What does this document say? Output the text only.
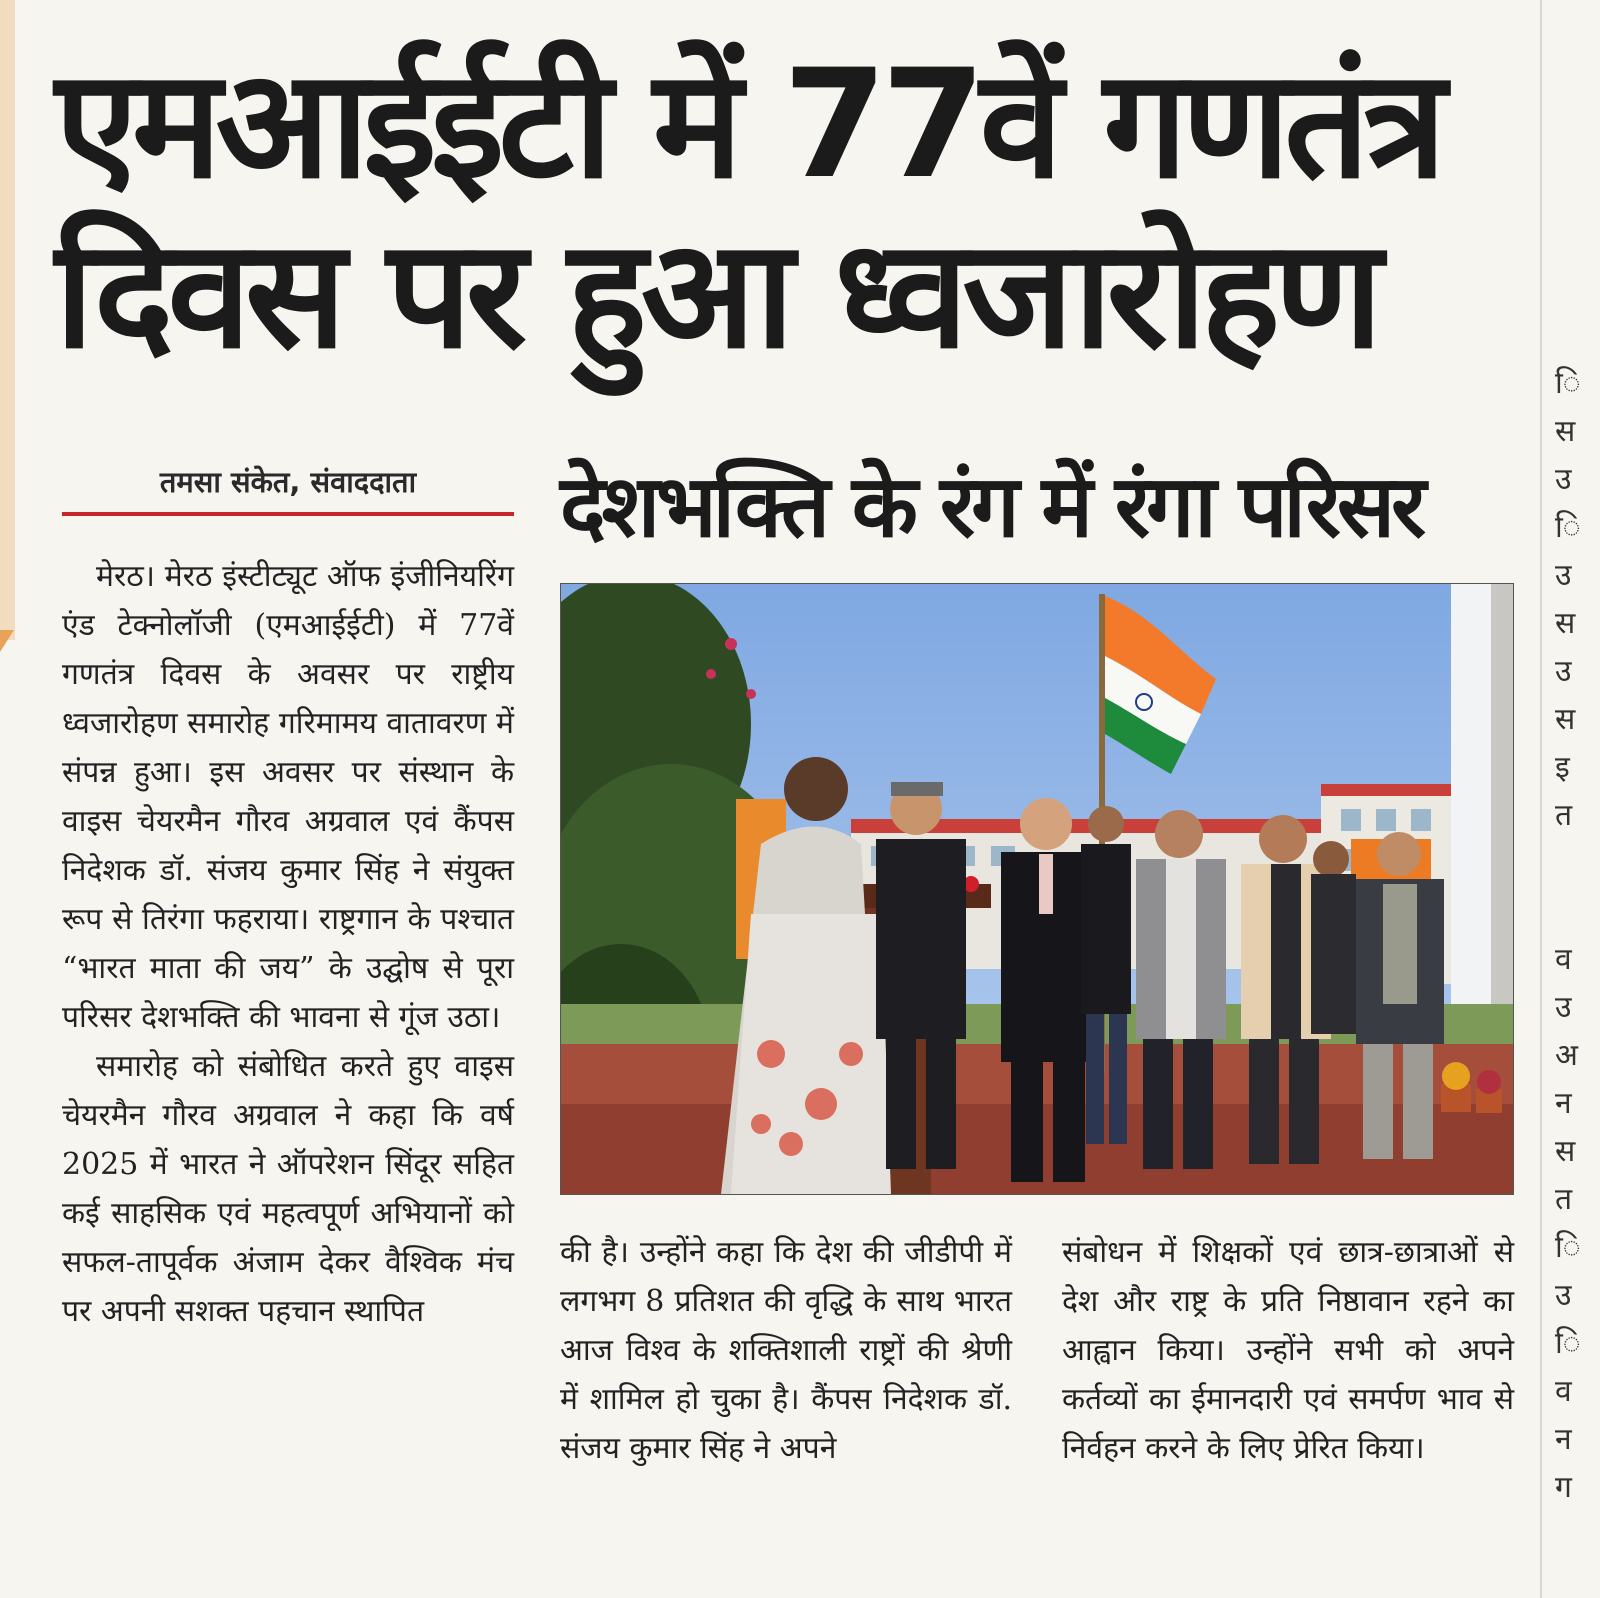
ि
स
उ
ि
उ
स
उ
स
इ
त
व
उ
अ
न
स
त
ि
उ
ि
व
न
ग
एमआईईटी में 77वें गणतंत्र
दिवस पर हुआ ध्वजारोहण
तमसा संकेत, संवाददाता	देशभक्ति के रंग में रंगा परिसर

मेरठ। मेरठ इंस्टीट्यूट ऑफ इंजीनियरिंग एंड टेक्नोलॉजी (एमआईईटी) में 77वें गणतंत्र दिवस के अवसर पर राष्ट्रीय ध्वजारोहण समारोह गरिमामय वातावरण में संपन्न हुआ। इस अवसर पर संस्थान के वाइस चेयरमैन गौरव अग्रवाल एवं कैंपस निदेशक डॉ. संजय कुमार सिंह ने संयुक्त रूप से तिरंगा फहराया। राष्ट्रगान के पश्चात “भारत माता की जय” के उद्घोष से पूरा परिसर देशभक्ति की भावना से गूंज उठा।

समारोह को संबोधित करते हुए वाइस चेयरमैन गौरव अग्रवाल ने कहा कि वर्ष 2025 में भारत ने ऑपरेशन सिंदूर सहित कई साहसिक एवं महत्वपूर्ण अभियानों को सफल-तापूर्वक अंजाम देकर वैश्विक मंच पर अपनी सशक्त पहचान स्थापित

की है। उन्होंने कहा कि देश की जीडीपी में लगभग 8 प्रतिशत की वृद्धि के साथ भारत आज विश्व के शक्तिशाली राष्ट्रों की श्रेणी में शामिल हो चुका है। कैंपस निदेशक डॉ. संजय कुमार सिंह ने अपने

संबोधन में शिक्षकों एवं छात्र-छात्राओं से देश और राष्ट्र के प्रति निष्ठावान रहने का आह्वान किया। उन्होंने सभी को अपने कर्तव्यों का ईमानदारी एवं समर्पण भाव से निर्वहन करने के लिए प्रेरित किया।
